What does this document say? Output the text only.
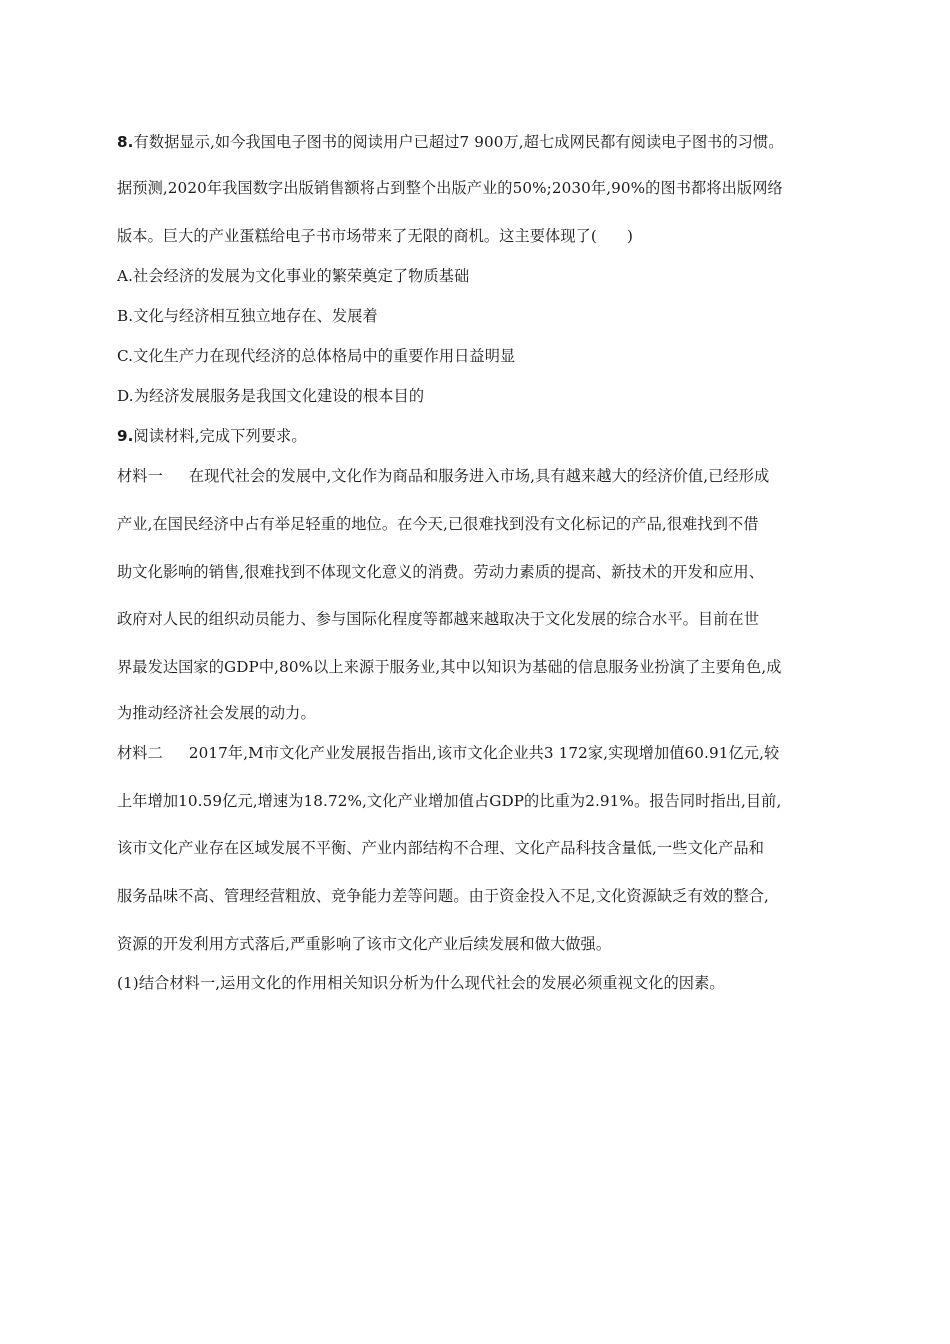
8.有数据显示,如今我国电子图书的阅读用户已超过7 900万,超七成网民都有阅读电子图书的习惯。
据预测,2020年我国数字出版销售额将占到整个出版产业的50%;2030年,90%的图书都将出版网络
版本。巨大的产业蛋糕给电子书市场带来了无限的商机。这主要体现了( )
A.社会经济的发展为文化事业的繁荣奠定了物质基础
B.文化与经济相互独立地存在、发展着
C.文化生产力在现代经济的总体格局中的重要作用日益明显
D.为经济发展服务是我国文化建设的根本目的
9.阅读材料,完成下列要求。
材料一 在现代社会的发展中,文化作为商品和服务进入市场,具有越来越大的经济价值,已经形成
产业,在国民经济中占有举足轻重的地位。在今天,已很难找到没有文化标记的产品,很难找到不借
助文化影响的销售,很难找到不体现文化意义的消费。劳动力素质的提高、新技术的开发和应用、
政府对人民的组织动员能力、参与国际化程度等都越来越取决于文化发展的综合水平。目前在世
界最发达国家的GDP中,80%以上来源于服务业,其中以知识为基础的信息服务业扮演了主要角色,成
为推动经济社会发展的动力。
材料二 2017年,M市文化产业发展报告指出,该市文化企业共3 172家,实现增加值60.91亿元,较
上年增加10.59亿元,增速为18.72%,文化产业增加值占GDP的比重为2.91%。报告同时指出,目前,
该市文化产业存在区域发展不平衡、产业内部结构不合理、文化产品科技含量低,一些文化产品和
服务品味不高、管理经营粗放、竞争能力差等问题。由于资金投入不足,文化资源缺乏有效的整合,
资源的开发利用方式落后,严重影响了该市文化产业后续发展和做大做强。
(1)结合材料一,运用文化的作用相关知识分析为什么现代社会的发展必须重视文化的因素。
